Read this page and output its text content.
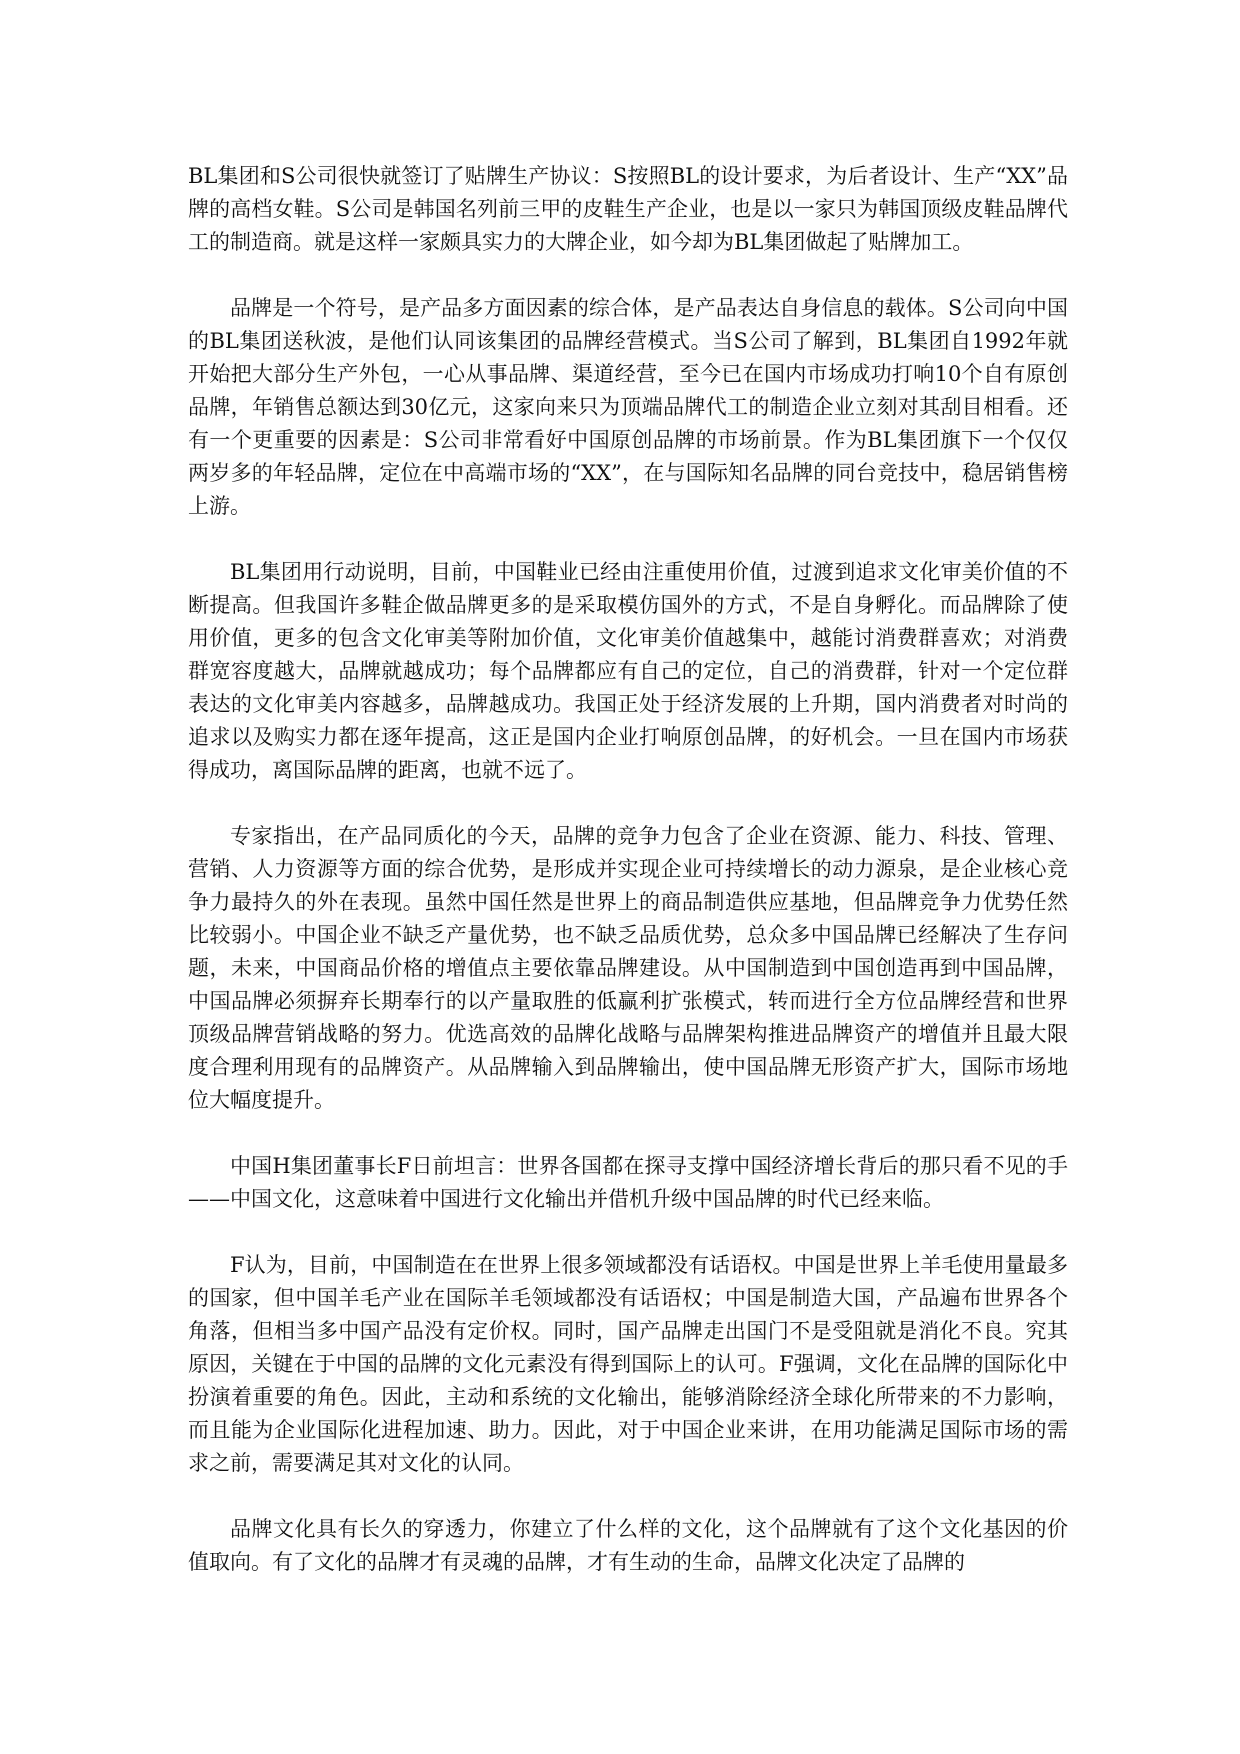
BL集团和S公司很快就签订了贴牌生产协议：S按照BL的设计要求，为后者设计、生产“XX”品牌的高档女鞋。S公司是韩国名列前三甲的皮鞋生产企业，也是以一家只为韩国顶级皮鞋品牌代工的制造商。就是这样一家颇具实力的大牌企业，如今却为BL集团做起了贴牌加工。

品牌是一个符号，是产品多方面因素的综合体，是产品表达自身信息的载体。S公司向中国的BL集团送秋波，是他们认同该集团的品牌经营模式。当S公司了解到，BL集团自1992年就开始把大部分生产外包，一心从事品牌、渠道经营，至今已在国内市场成功打响10个自有原创品牌，年销售总额达到30亿元，这家向来只为顶端品牌代工的制造企业立刻对其刮目相看。还有一个更重要的因素是：S公司非常看好中国原创品牌的市场前景。作为BL集团旗下一个仅仅两岁多的年轻品牌，定位在中高端市场的“XX”，在与国际知名品牌的同台竞技中，稳居销售榜上游。

BL集团用行动说明，目前，中国鞋业已经由注重使用价值，过渡到追求文化审美价值的不断提高。但我国许多鞋企做品牌更多的是采取模仿国外的方式，不是自身孵化。而品牌除了使用价值，更多的包含文化审美等附加价值，文化审美价值越集中，越能讨消费群喜欢；对消费群宽容度越大，品牌就越成功；每个品牌都应有自己的定位，自己的消费群，针对一个定位群表达的文化审美内容越多，品牌越成功。我国正处于经济发展的上升期，国内消费者对时尚的追求以及购实力都在逐年提高，这正是国内企业打响原创品牌，的好机会。一旦在国内市场获得成功，离国际品牌的距离，也就不远了。

专家指出，在产品同质化的今天，品牌的竞争力包含了企业在资源、能力、科技、管理、营销、人力资源等方面的综合优势，是形成并实现企业可持续增长的动力源泉，是企业核心竞争力最持久的外在表现。虽然中国任然是世界上的商品制造供应基地，但品牌竞争力优势任然比较弱小。中国企业不缺乏产量优势，也不缺乏品质优势，总众多中国品牌已经解决了生存问题，未来，中国商品价格的增值点主要依靠品牌建设。从中国制造到中国创造再到中国品牌，中国品牌必须摒弃长期奉行的以产量取胜的低赢利扩张模式，转而进行全方位品牌经营和世界顶级品牌营销战略的努力。优选高效的品牌化战略与品牌架构推进品牌资产的增值并且最大限度合理利用现有的品牌资产。从品牌输入到品牌输出，使中国品牌无形资产扩大，国际市场地位大幅度提升。

中国H集团董事长F日前坦言：世界各国都在探寻支撑中国经济增长背后的那只看不见的手——中国文化，这意味着中国进行文化输出并借机升级中国品牌的时代已经来临。

F认为，目前，中国制造在在世界上很多领域都没有话语权。中国是世界上羊毛使用量最多的国家，但中国羊毛产业在国际羊毛领域都没有话语权；中国是制造大国，产品遍布世界各个角落，但相当多中国产品没有定价权。同时，国产品牌走出国门不是受阻就是消化不良。究其原因，关键在于中国的品牌的文化元素没有得到国际上的认可。F强调，文化在品牌的国际化中扮演着重要的角色。因此，主动和系统的文化输出，能够消除经济全球化所带来的不力影响，而且能为企业国际化进程加速、助力。因此，对于中国企业来讲，在用功能满足国际市场的需求之前，需要满足其对文化的认同。

品牌文化具有长久的穿透力，你建立了什么样的文化，这个品牌就有了这个文化基因的价值取向。有了文化的品牌才有灵魂的品牌，才有生动的生命，品牌文化决定了品牌的
